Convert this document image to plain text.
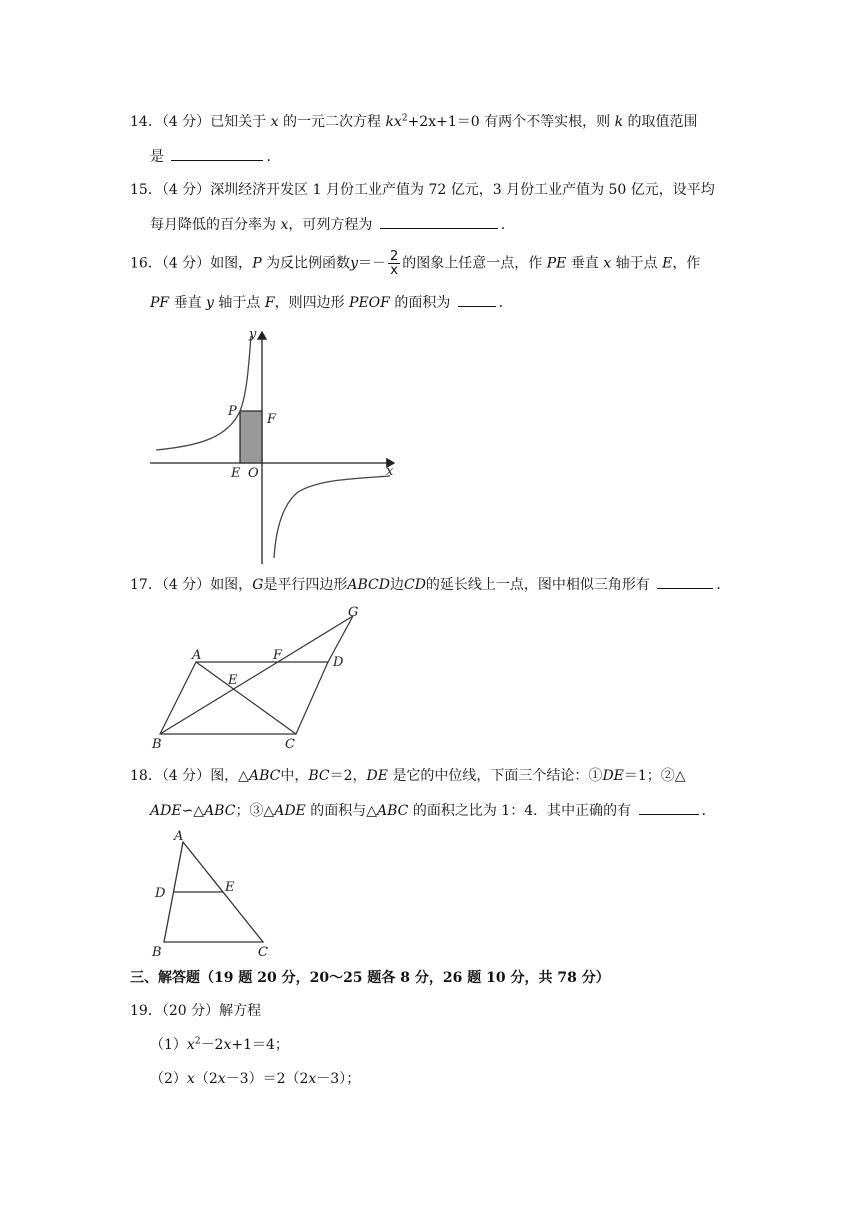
14．（4 分）已知关于 x 的一元二次方程 $kx^2+2x+1=0$ 有两个不等实根，则 k 的取值范围
是	．
15．（4 分）深圳经济开发区 1 月份工业产值为 72 亿元，3 月份工业产值为 50 亿元，设平均
每月降低的百分率为 x，可列方程为	．
16．（4 分）如图，P 为反比例函数$y=- \frac{2}{x}$ 的图象上任意一点，作 PE 垂直 x 轴于点 E，作
PF 垂直 y 轴于点 F，则四边形 PEOF 的面积为	．
y
x
P
F
E O
17．（4 分）如图，G是平行四边形ABCD边CD的延长线上一点，图中相似三角形有	．
A	F	D
E
G
B	C
18．（4 分）图，△ABC中，BC＝2，DE 是它的中位线，下面三个结论：①DE＝1；②△
ADE∽△ABC；③△ADE 的面积与△ABC 的面积之比为 1：4．其中正确的有	．
A
D	E
B	C
三、解答题（19 题 20 分，20～25 题各 8 分，26 题 10 分，共 78 分）
19．（20 分）解方程
$(1)x^2-2x+1=4$；
（2）x（2x－3）＝2（2x－3）；
